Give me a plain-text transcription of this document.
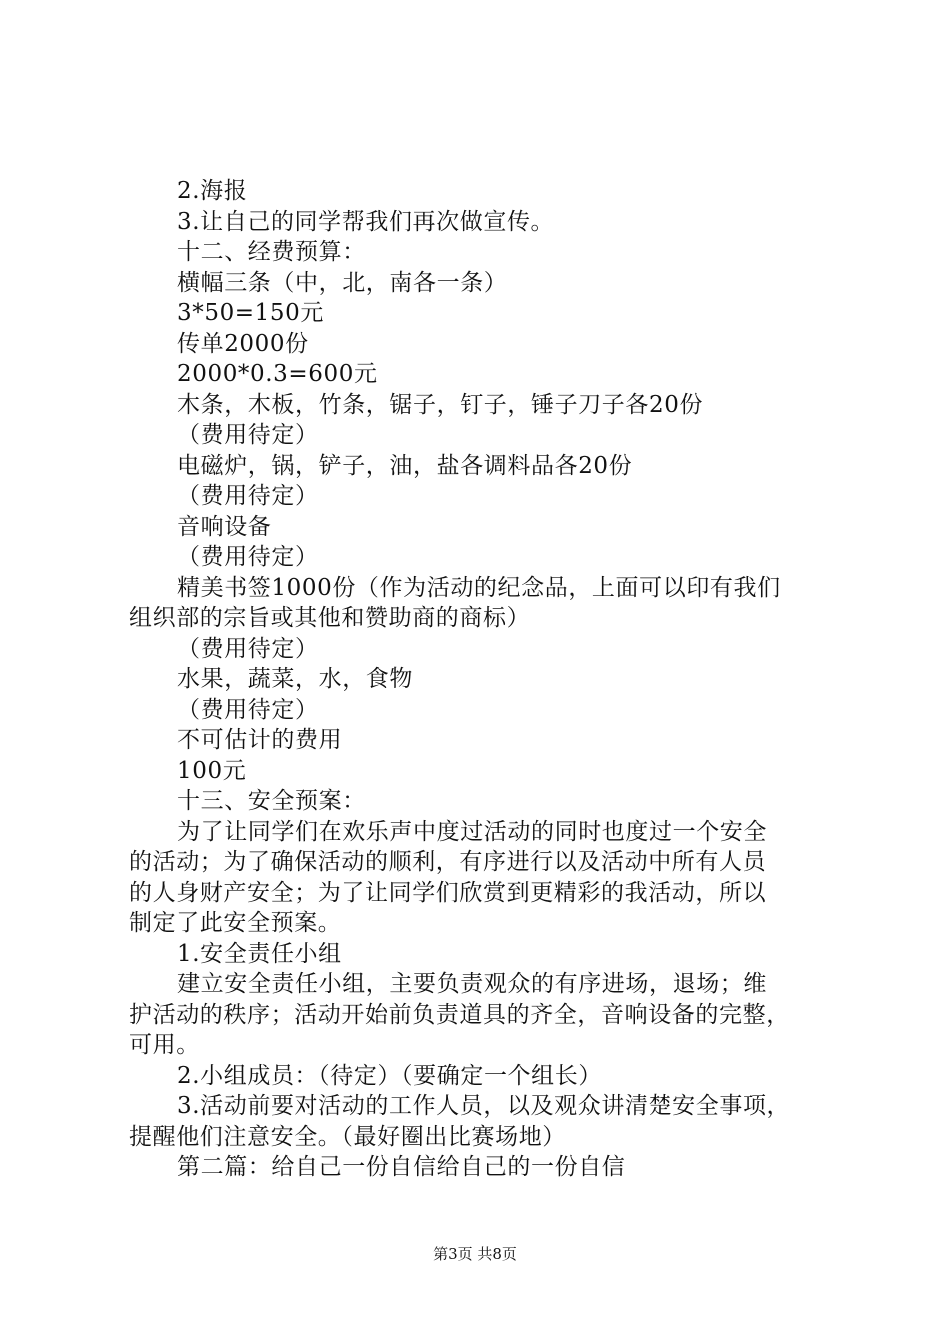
2.海报

3.让自己的同学帮我们再次做宣传。

十二、经费预算：

横幅三条（中，北，南各一条）

3*50=150元

传单2000份

2000*0.3=600元

木条，木板，竹条，锯子，钉子，锤子刀子各20份

（费用待定）

电磁炉，锅，铲子，油，盐各调料品各20份

（费用待定）

音响设备

（费用待定）

精美书签1000份（作为活动的纪念品，上面可以印有我们

组织部的宗旨或其他和赞助商的商标）

（费用待定）

水果，蔬菜，水，食物

（费用待定）

不可估计的费用

100元

十三、安全预案：

为了让同学们在欢乐声中度过活动的同时也度过一个安全

的活动；为了确保活动的顺利，有序进行以及活动中所有人员

的人身财产安全；为了让同学们欣赏到更精彩的我活动，所以

制定了此安全预案。

1.安全责任小组

建立安全责任小组，主要负责观众的有序进场，退场；维

护活动的秩序；活动开始前负责道具的齐全，音响设备的完整，

可用。

2.小组成员：（待定）（要确定一个组长）

3.活动前要对活动的工作人员，以及观众讲清楚安全事项，

提醒他们注意安全。（最好圈出比赛场地）

第二篇：给自己一份自信给自己的一份自信

第3页 共8页
